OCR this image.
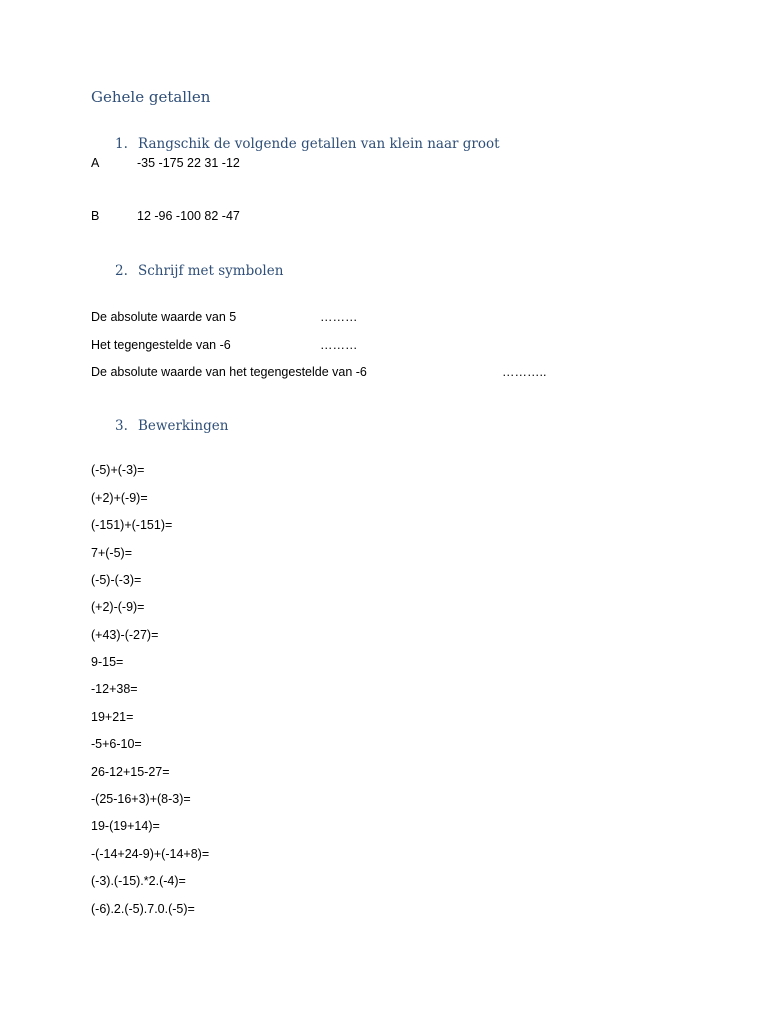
Gehele getallen
1. Rangschik de volgende getallen van klein naar groot
A	-35 -175 22 31 -12
B	12 -96 -100 82 -47
2. Schrijf met symbolen
De absolute waarde van 5	………
Het tegengestelde van -6	………
De absolute waarde van het tegengestelde van -6	………..
3. Bewerkingen
(-5)+(-3)=
(+2)+(-9)=
(-151)+(-151)=
7+(-5)=
(-5)-(-3)=
(+2)-(-9)=
(+43)-(-27)=
9-15=
-12+38=
19+21=
-5+6-10=
26-12+15-27=
-(25-16+3)+(8-3)=
19-(19+14)=
-(-14+24-9)+(-14+8)=
(-3).(-15).*2.(-4)=
(-6).2.(-5).7.0.(-5)=
